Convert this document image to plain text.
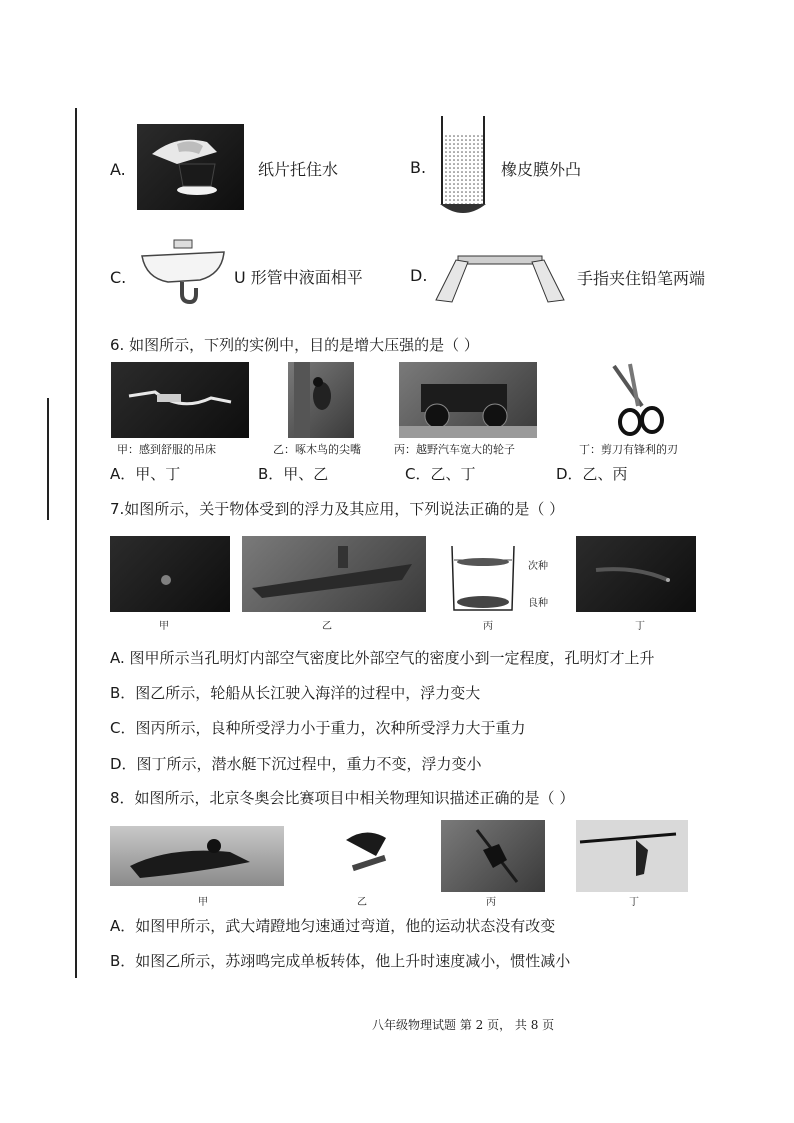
A.	纸片托住水	B.	橡皮膜外凸
C.	U 形管中液面相平	D.	手指夹住铅笔两端
6. 如图所示，下列的实例中，目的是增大压强的是（ ）
甲：感到舒服的吊床	乙：啄木鸟的尖嘴	丙：越野汽车宽大的轮子	丁：剪刀有锋利的刃
A．甲、丁	B．甲、乙	C．乙、丁	D．乙、丙
7.如图所示，关于物体受到的浮力及其应用，下列说法正确的是（ ）
次种
良种
甲	乙	丙	丁
A. 图甲所示当孔明灯内部空气密度比外部空气的密度小到一定程度，孔明灯才上升
B．图乙所示，轮船从长江驶入海洋的过程中，浮力变大
C．图丙所示，良种所受浮力小于重力，次种所受浮力大于重力
D．图丁所示，潜水艇下沉过程中，重力不变，浮力变小
8．如图所示，北京冬奥会比赛项目中相关物理知识描述正确的是（ ）
甲	乙	丙	丁
A．如图甲所示，武大靖蹬地匀速通过弯道，他的运动状态没有改变
B．如图乙所示，苏翊鸣完成单板转体，他上升时速度减小，惯性减小
八年级物理试题 第 2 页， 共 8 页
